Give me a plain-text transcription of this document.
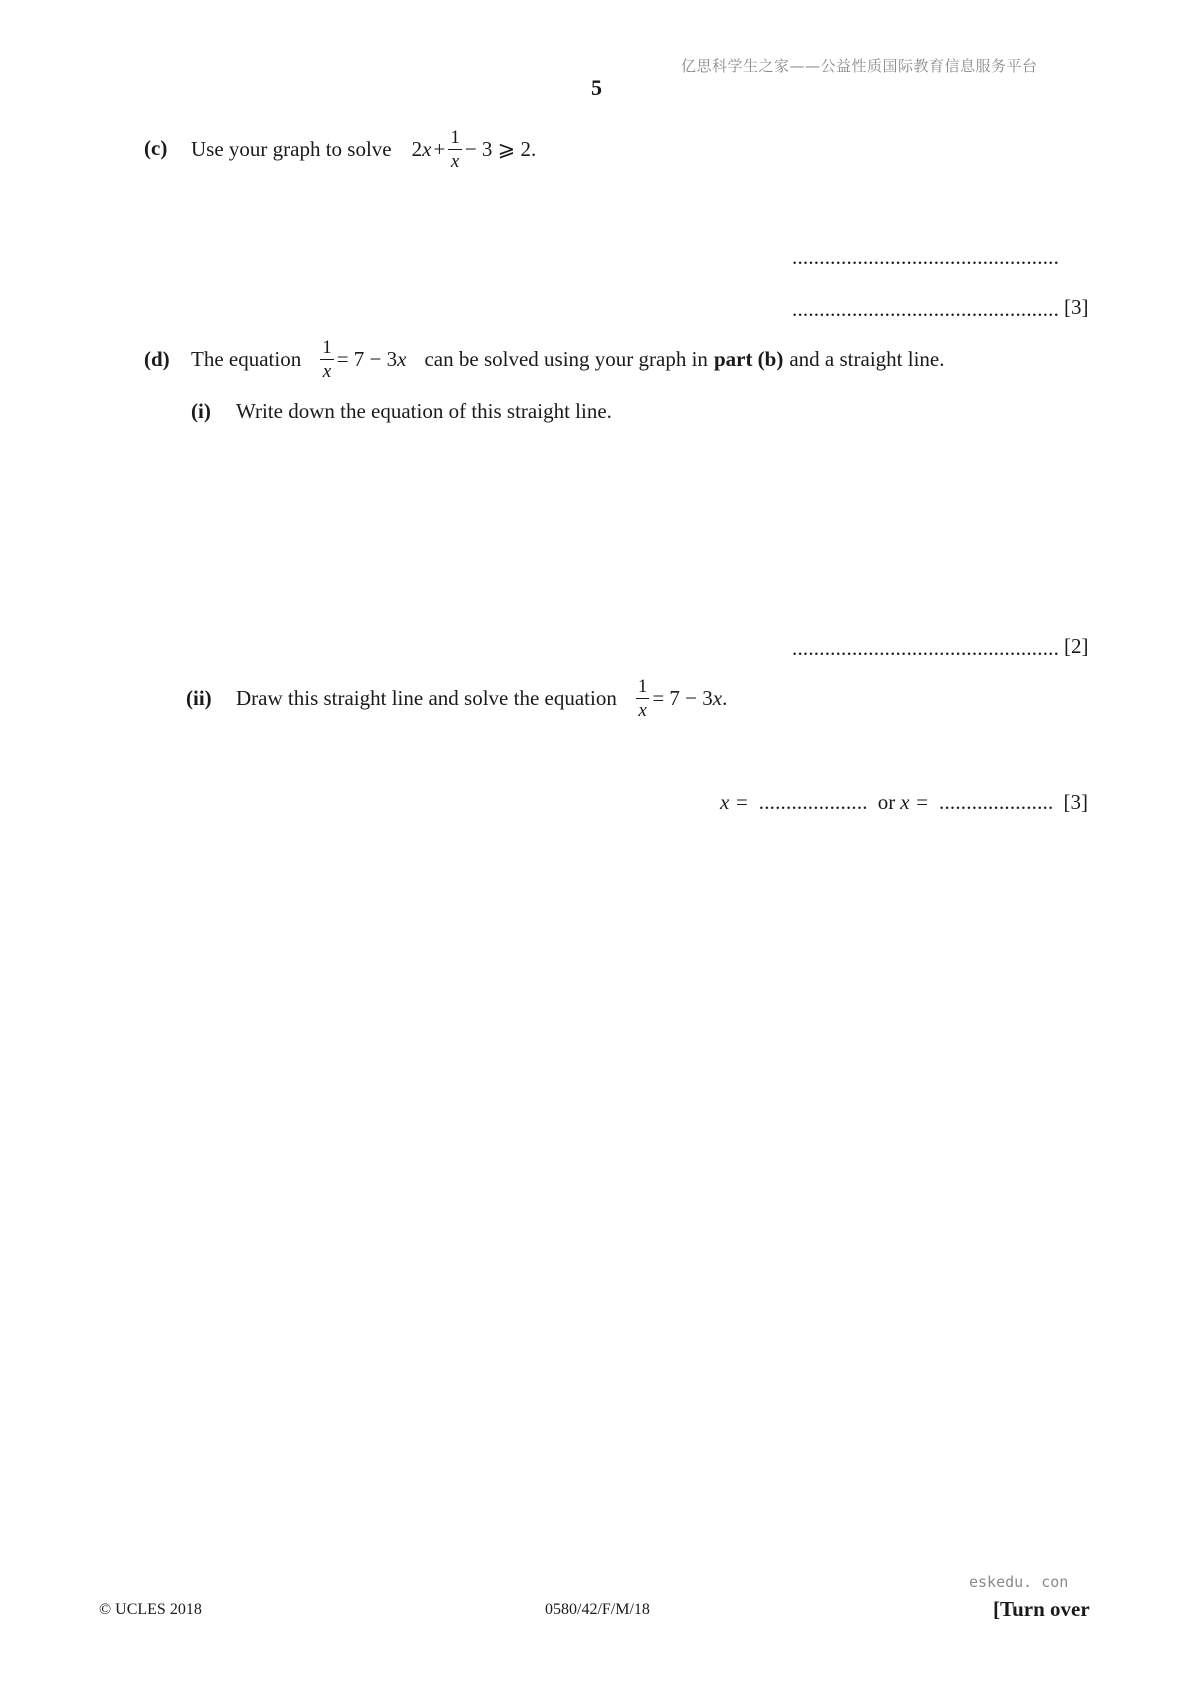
亿思科学生之家——公益性质国际教育信息服务平台
5
(c) Use your graph to solve 2 $x + \frac{1}{x} - 3$ ⩾ 2.
.................................................
................................................. [3]
(d) The equation $\frac{1}{x} = 7 - 3$ x can be solved using your graph in part (b) and a straight line.
(i) Write down the equation of this straight line.
................................................. [2]
(ii) Draw this straight line and solve the equation $\frac{1}{x} = 7 - 3$ x .
x = .................... or x = ..................... [3]
eskedu. con
© UCLES 2018	0580/42/F/M/18	[Turn over
